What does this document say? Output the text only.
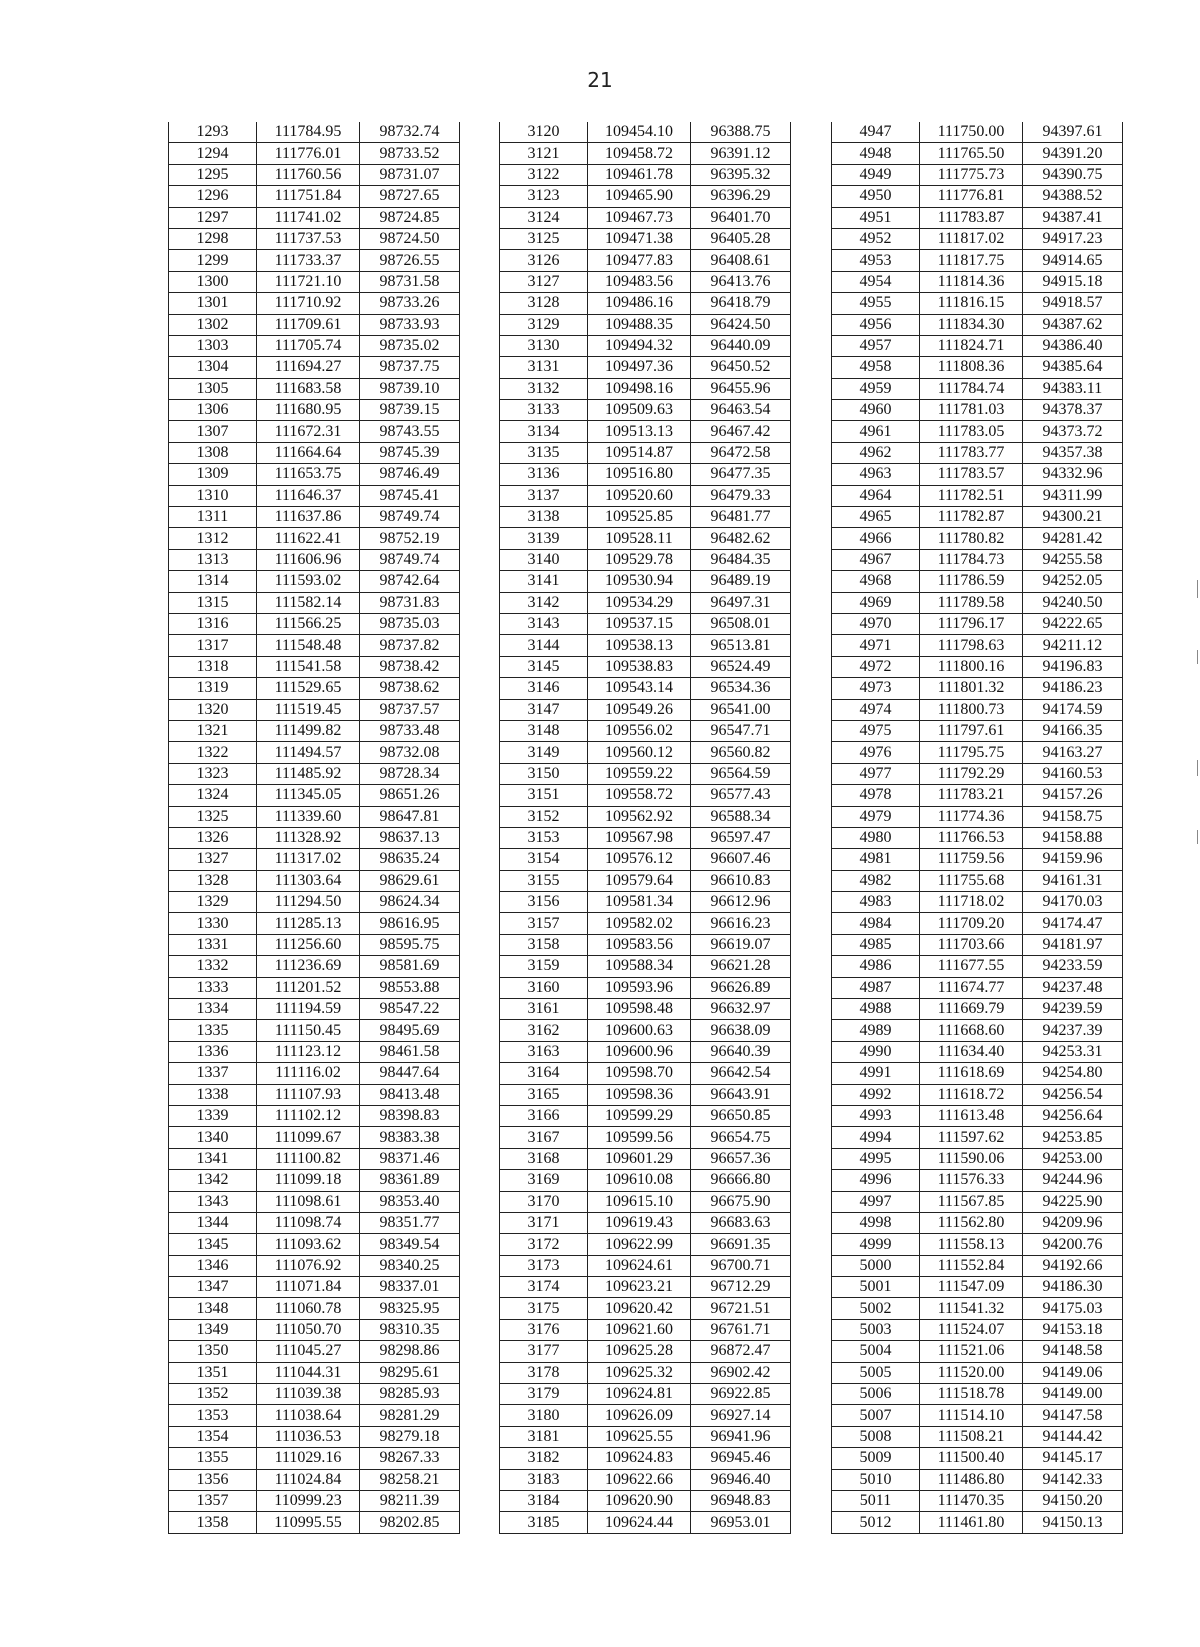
21
1293	111784.95	98732.74
1294	111776.01	98733.52
1295	111760.56	98731.07
1296	111751.84	98727.65
1297	111741.02	98724.85
1298	111737.53	98724.50
1299	111733.37	98726.55
1300	111721.10	98731.58
1301	111710.92	98733.26
1302	111709.61	98733.93
1303	111705.74	98735.02
1304	111694.27	98737.75
1305	111683.58	98739.10
1306	111680.95	98739.15
1307	111672.31	98743.55
1308	111664.64	98745.39
1309	111653.75	98746.49
1310	111646.37	98745.41
1311	111637.86	98749.74
1312	111622.41	98752.19
1313	111606.96	98749.74
1314	111593.02	98742.64
1315	111582.14	98731.83
1316	111566.25	98735.03
1317	111548.48	98737.82
1318	111541.58	98738.42
1319	111529.65	98738.62
1320	111519.45	98737.57
1321	111499.82	98733.48
1322	111494.57	98732.08
1323	111485.92	98728.34
1324	111345.05	98651.26
1325	111339.60	98647.81
1326	111328.92	98637.13
1327	111317.02	98635.24
1328	111303.64	98629.61
1329	111294.50	98624.34
1330	111285.13	98616.95
1331	111256.60	98595.75
1332	111236.69	98581.69
1333	111201.52	98553.88
1334	111194.59	98547.22
1335	111150.45	98495.69
1336	111123.12	98461.58
1337	111116.02	98447.64
1338	111107.93	98413.48
1339	111102.12	98398.83
1340	111099.67	98383.38
1341	111100.82	98371.46
1342	111099.18	98361.89
1343	111098.61	98353.40
1344	111098.74	98351.77
1345	111093.62	98349.54
1346	111076.92	98340.25
1347	111071.84	98337.01
1348	111060.78	98325.95
1349	111050.70	98310.35
1350	111045.27	98298.86
1351	111044.31	98295.61
1352	111039.38	98285.93
1353	111038.64	98281.29
1354	111036.53	98279.18
1355	111029.16	98267.33
1356	111024.84	98258.21
1357	110999.23	98211.39
1358	110995.55	98202.85
3120	109454.10	96388.75
3121	109458.72	96391.12
3122	109461.78	96395.32
3123	109465.90	96396.29
3124	109467.73	96401.70
3125	109471.38	96405.28
3126	109477.83	96408.61
3127	109483.56	96413.76
3128	109486.16	96418.79
3129	109488.35	96424.50
3130	109494.32	96440.09
3131	109497.36	96450.52
3132	109498.16	96455.96
3133	109509.63	96463.54
3134	109513.13	96467.42
3135	109514.87	96472.58
3136	109516.80	96477.35
3137	109520.60	96479.33
3138	109525.85	96481.77
3139	109528.11	96482.62
3140	109529.78	96484.35
3141	109530.94	96489.19
3142	109534.29	96497.31
3143	109537.15	96508.01
3144	109538.13	96513.81
3145	109538.83	96524.49
3146	109543.14	96534.36
3147	109549.26	96541.00
3148	109556.02	96547.71
3149	109560.12	96560.82
3150	109559.22	96564.59
3151	109558.72	96577.43
3152	109562.92	96588.34
3153	109567.98	96597.47
3154	109576.12	96607.46
3155	109579.64	96610.83
3156	109581.34	96612.96
3157	109582.02	96616.23
3158	109583.56	96619.07
3159	109588.34	96621.28
3160	109593.96	96626.89
3161	109598.48	96632.97
3162	109600.63	96638.09
3163	109600.96	96640.39
3164	109598.70	96642.54
3165	109598.36	96643.91
3166	109599.29	96650.85
3167	109599.56	96654.75
3168	109601.29	96657.36
3169	109610.08	96666.80
3170	109615.10	96675.90
3171	109619.43	96683.63
3172	109622.99	96691.35
3173	109624.61	96700.71
3174	109623.21	96712.29
3175	109620.42	96721.51
3176	109621.60	96761.71
3177	109625.28	96872.47
3178	109625.32	96902.42
3179	109624.81	96922.85
3180	109626.09	96927.14
3181	109625.55	96941.96
3182	109624.83	96945.46
3183	109622.66	96946.40
3184	109620.90	96948.83
3185	109624.44	96953.01
4947	111750.00	94397.61
4948	111765.50	94391.20
4949	111775.73	94390.75
4950	111776.81	94388.52
4951	111783.87	94387.41
4952	111817.02	94917.23
4953	111817.75	94914.65
4954	111814.36	94915.18
4955	111816.15	94918.57
4956	111834.30	94387.62
4957	111824.71	94386.40
4958	111808.36	94385.64
4959	111784.74	94383.11
4960	111781.03	94378.37
4961	111783.05	94373.72
4962	111783.77	94357.38
4963	111783.57	94332.96
4964	111782.51	94311.99
4965	111782.87	94300.21
4966	111780.82	94281.42
4967	111784.73	94255.58
4968	111786.59	94252.05
4969	111789.58	94240.50
4970	111796.17	94222.65
4971	111798.63	94211.12
4972	111800.16	94196.83
4973	111801.32	94186.23
4974	111800.73	94174.59
4975	111797.61	94166.35
4976	111795.75	94163.27
4977	111792.29	94160.53
4978	111783.21	94157.26
4979	111774.36	94158.75
4980	111766.53	94158.88
4981	111759.56	94159.96
4982	111755.68	94161.31
4983	111718.02	94170.03
4984	111709.20	94174.47
4985	111703.66	94181.97
4986	111677.55	94233.59
4987	111674.77	94237.48
4988	111669.79	94239.59
4989	111668.60	94237.39
4990	111634.40	94253.31
4991	111618.69	94254.80
4992	111618.72	94256.54
4993	111613.48	94256.64
4994	111597.62	94253.85
4995	111590.06	94253.00
4996	111576.33	94244.96
4997	111567.85	94225.90
4998	111562.80	94209.96
4999	111558.13	94200.76
5000	111552.84	94192.66
5001	111547.09	94186.30
5002	111541.32	94175.03
5003	111524.07	94153.18
5004	111521.06	94148.58
5005	111520.00	94149.06
5006	111518.78	94149.00
5007	111514.10	94147.58
5008	111508.21	94144.42
5009	111500.40	94145.17
5010	111486.80	94142.33
5011	111470.35	94150.20
5012	111461.80	94150.13
